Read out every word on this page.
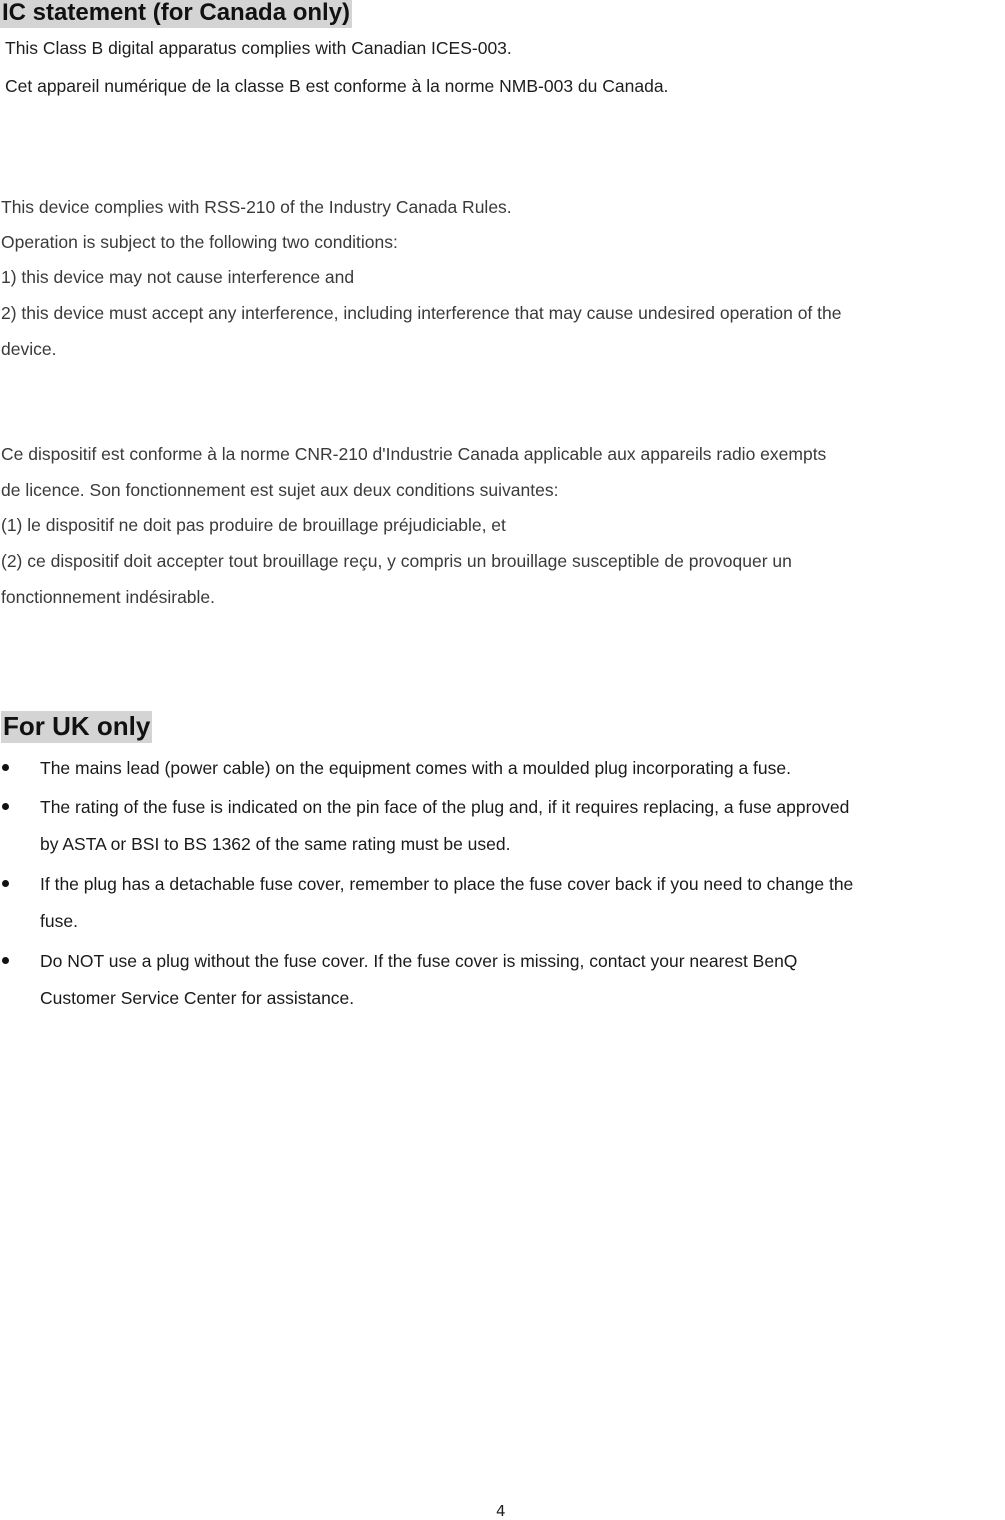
IC statement (for Canada only)
This Class B digital apparatus complies with Canadian ICES-003.
Cet appareil numérique de la classe B est conforme à la norme NMB-003 du Canada.
This device complies with RSS-210 of the Industry Canada Rules.
Operation is subject to the following two conditions:
1) this device may not cause interference and
2) this device must accept any interference, including interference that may cause undesired operation of the
device.
Ce dispositif est conforme à la norme CNR-210 d'Industrie Canada applicable aux appareils radio exempts
de licence. Son fonctionnement est sujet aux deux conditions suivantes:
(1) le dispositif ne doit pas produire de brouillage préjudiciable, et
(2) ce dispositif doit accepter tout brouillage reçu, y compris un brouillage susceptible de provoquer un
fonctionnement indésirable.
For UK only
The mains lead (power cable) on the equipment comes with a moulded plug incorporating a fuse.
The rating of the fuse is indicated on the pin face of the plug and, if it requires replacing, a fuse approved
by ASTA or BSI to BS 1362 of the same rating must be used.
If the plug has a detachable fuse cover, remember to place the fuse cover back if you need to change the
fuse.
Do NOT use a plug without the fuse cover. If the fuse cover is missing, contact your nearest BenQ
Customer Service Center for assistance.
4
